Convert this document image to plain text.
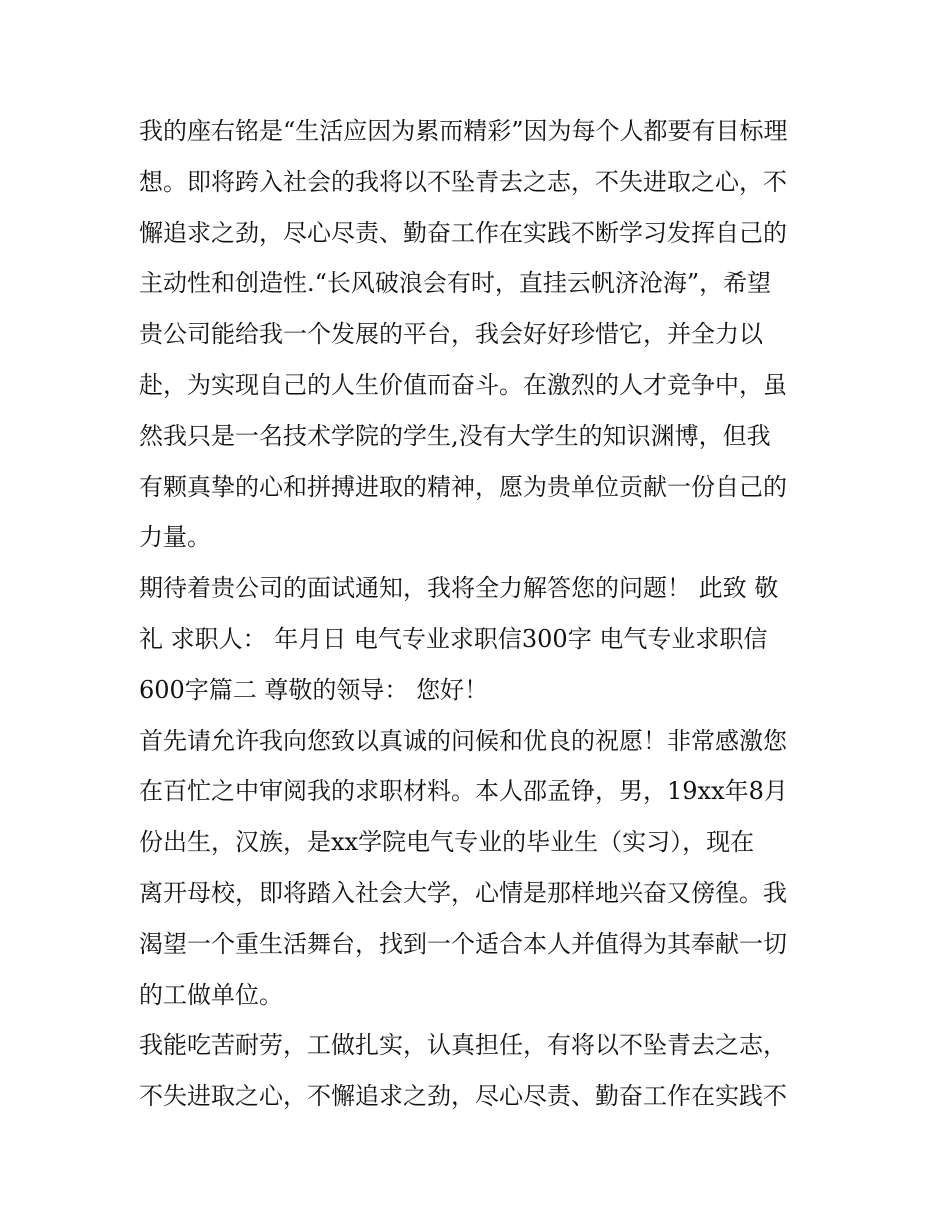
我的座右铭是“生活应因为累而精彩”因为每个人都要有目标理
想。即将跨入社会的我将以不坠青去之志，不失进取之心，不
懈追求之劲，尽心尽责、勤奋工作在实践不断学习发挥自己的
主动性和创造性.“长风破浪会有时，直挂云帆济沧海”，希望
贵公司能给我一个发展的平台，我会好好珍惜它，并全力以
赴，为实现自己的人生价值而奋斗。在激烈的人才竞争中，虽
然我只是一名技术学院的学生,没有大学生的知识渊博，但我
有颗真挚的心和拼搏进取的精神，愿为贵单位贡献一份自己的
力量。
期待着贵公司的面试通知，我将全力解答您的问题！ 此致 敬
礼 求职人： 年月日 电气专业求职信300字 电气专业求职信
600字篇二 尊敬的领导： 您好！
首先请允许我向您致以真诚的问候和优良的祝愿！非常感激您
在百忙之中审阅我的求职材料。本人邵孟铮，男，19xx年8月
份出生，汉族，是xx学院电气专业的毕业生（实习），现在
离开母校，即将踏入社会大学，心情是那样地兴奋又傍徨。我
渴望一个重生活舞台，找到一个适合本人并值得为其奉献一切
的工做单位。
我能吃苦耐劳，工做扎实，认真担任，有将以不坠青去之志，
不失进取之心，不懈追求之劲，尽心尽责、勤奋工作在实践不
